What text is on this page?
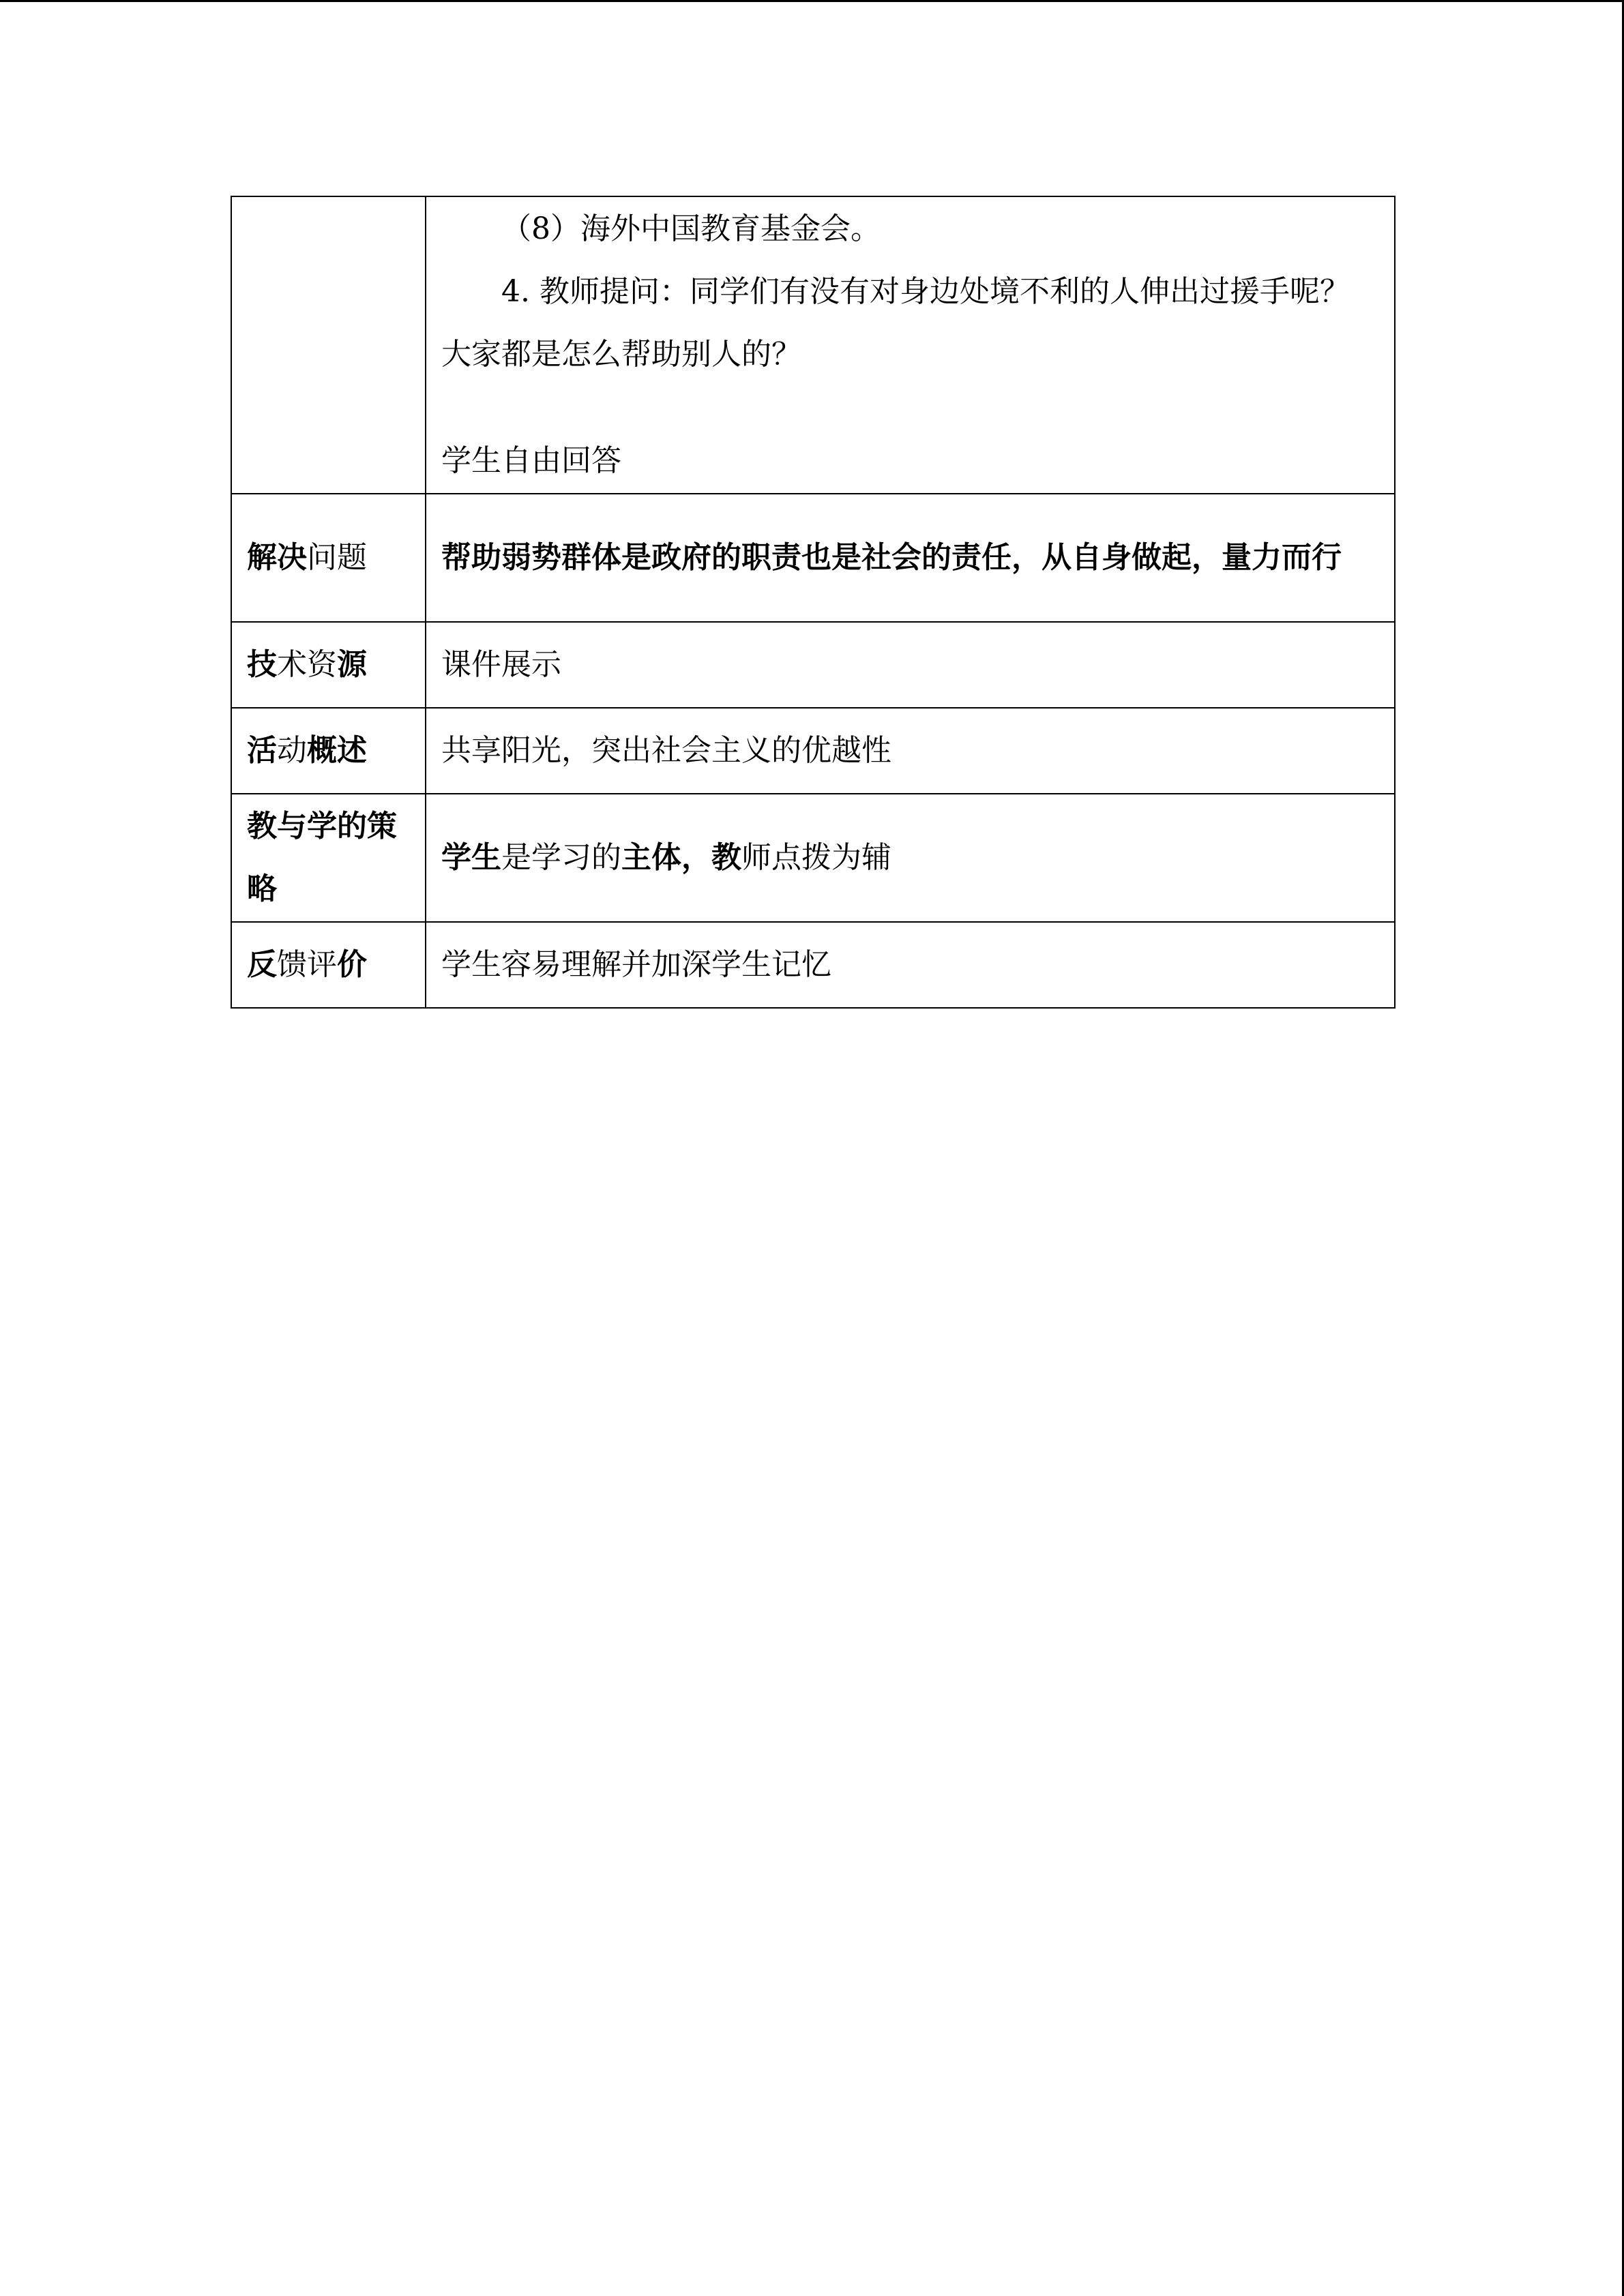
	（8）海外中国教育基金会。

4. 教师提问：同学们有没有对身边处境不利的人伸出过援手呢？大家都是怎么帮助别人的？

学生自由回答

解决问题	帮助弱势群体是政府的职责也是社会的责任，从自身做起，量力而行
技术资源	课件展示
活动概述	共享阳光，突出社会主义的优越性
教与学的策略	学生是学习的主体，教师点拨为辅
反馈评价	学生容易理解并加深学生记忆
